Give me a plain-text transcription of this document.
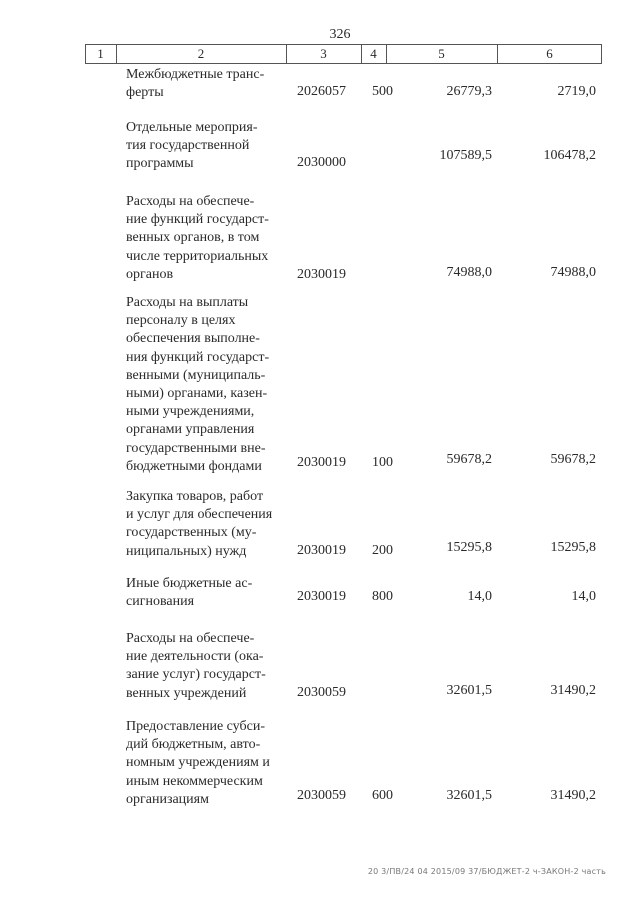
326
1	2	3	4	5	6
Межбюджетные транс-
ферты	2026057 500	26779,3	2719,0
Отдельные мероприя-
тия государственной
программы	2030000	107589,5	106478,2
Расходы на обеспече-
ние функций государст-
венных органов, в том
числе территориальных
органов	2030019	74988,0	74988,0
Расходы на выплаты
персоналу в целях
обеспечения выполне-
ния функций государст-
венными (муниципаль-
ными) органами, казен-
ными учреждениями,
органами управления
государственными вне-
бюджетными фондами	2030019 100	59678,2	59678,2
Закупка товаров, работ
и услуг для обеспечения
государственных (му-
ниципальных) нужд	2030019 200	15295,8	15295,8
Иные бюджетные ас-
сигнования	2030019 800	14,0	14,0
Расходы на обеспече-
ние деятельности (ока-
зание услуг) государст-
венных учреждений	2030059	32601,5	31490,2
Предоставление субси-
дий бюджетным, авто-
номным учреждениям и
иным некоммерческим
организациям	2030059 600	32601,5	31490,2
20 3/ПВ/24 04 2015/09 37/БЮДЖЕТ-2 ч-ЗАКОН-2 часть
